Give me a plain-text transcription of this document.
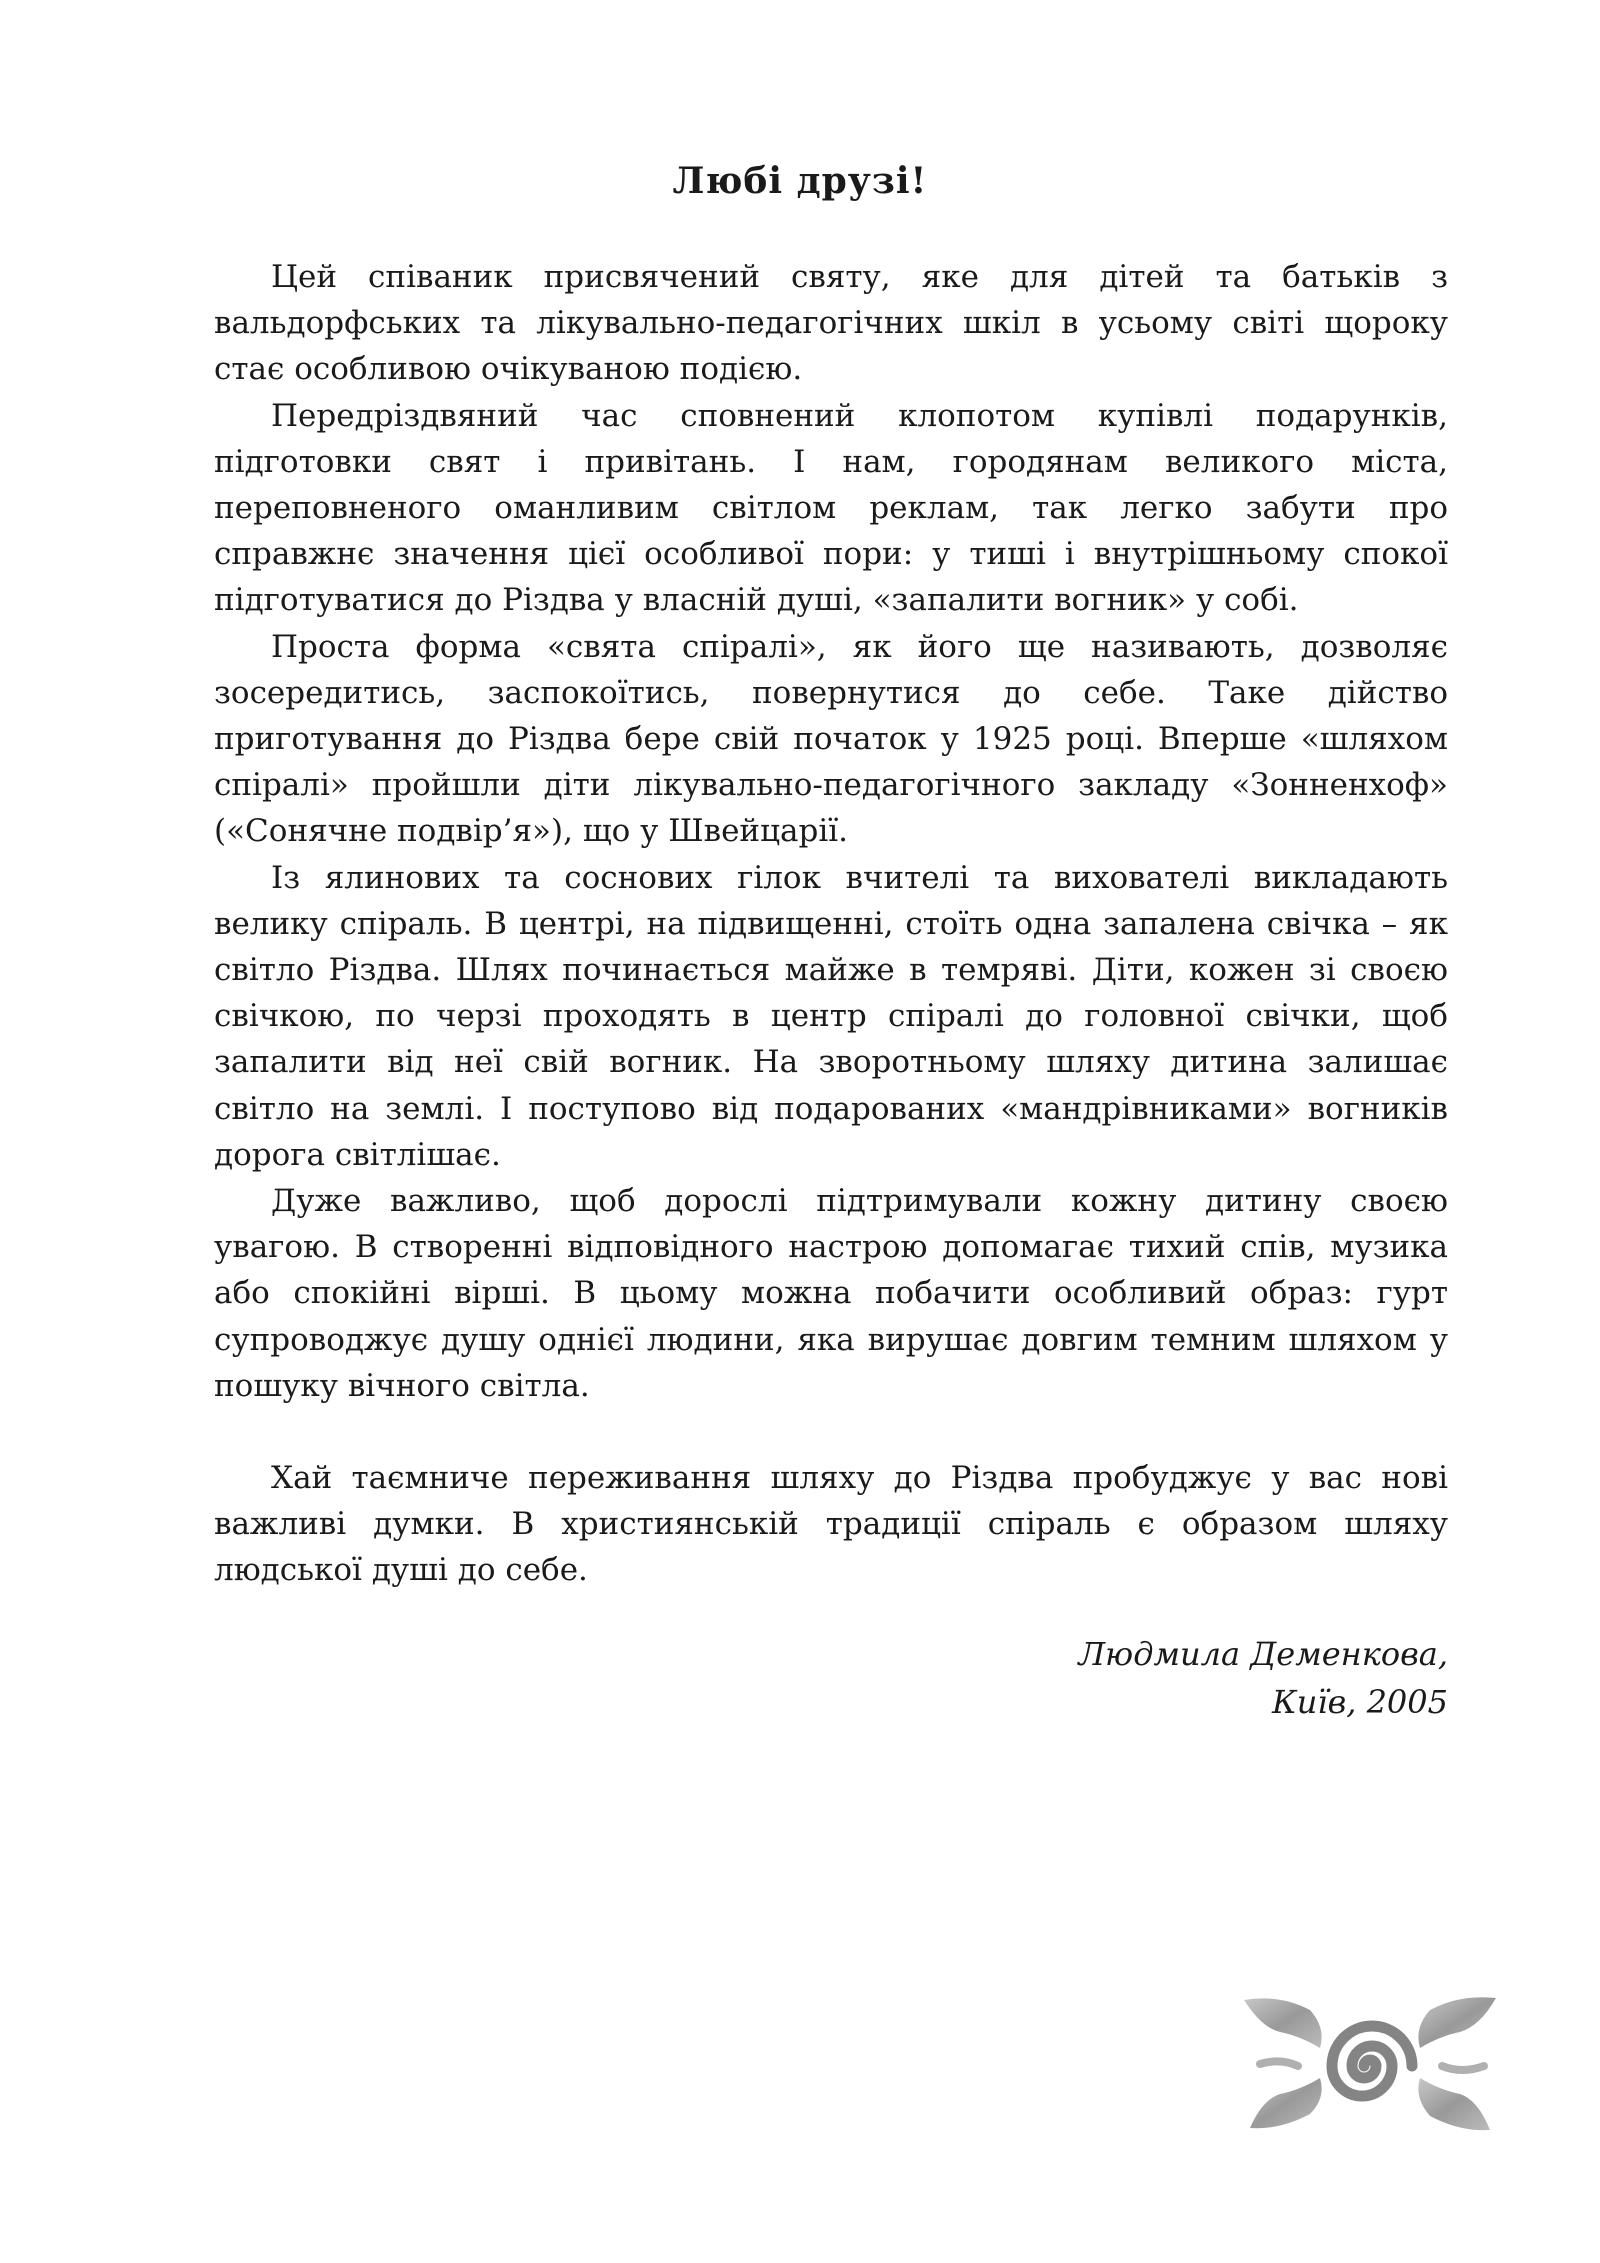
Любі друзі!

Цей співаник присвячений святу, яке для дітей та батьків з вальдорфських та лікувально-педагогічних шкіл в усьому світі щороку стає особливою очікуваною подією.

Передріздвяний час сповнений клопотом купівлі подарунків, підготовки свят і привітань. І нам, городянам великого міста, переповненого оманливим світлом реклам, так легко забути про справжнє значення цієї особливої пори: у тиші і внутрішньому спокої підготуватися до Різдва у власній душі, «запалити вогник» у собі.

Проста форма «свята спіралі», як його ще називають, дозволяє зосередитись, заспокоїтись, повернутися до себе. Таке дійство приготування до Різдва бере свій початок у 1925 році. Вперше «шляхом спіралі» пройшли діти лікувально-педагогічного закладу «Зонненхоф» («Сонячне подвір’я»), що у Швейцарії.

Із ялинових та соснових гілок вчителі та вихователі викладають велику спіраль. В центрі, на підвищенні, стоїть одна запалена свічка – як світло Різдва. Шлях починається майже в темряві. Діти, кожен зі своєю свічкою, по черзі проходять в центр спіралі до головної свічки, щоб запалити від неї свій вогник. На зворотньому шляху дитина залишає світло на землі. І поступово від подарованих «мандрівниками» вогників дорога світлішає.

Дуже важливо, щоб дорослі підтримували кожну дитину своєю увагою. В створенні відповідного настрою допомагає тихий спів, музика або спокійні вірші. В цьому можна побачити особливий образ: гурт супроводжує душу однієї людини, яка вирушає довгим темним шляхом у пошуку вічного світла.

Хай таємниче переживання шляху до Різдва пробуджує у вас нові важливі думки. В християнській традиції спіраль є образом шляху людської душі до себе.

Людмила Деменкова,
Київ, 2005
